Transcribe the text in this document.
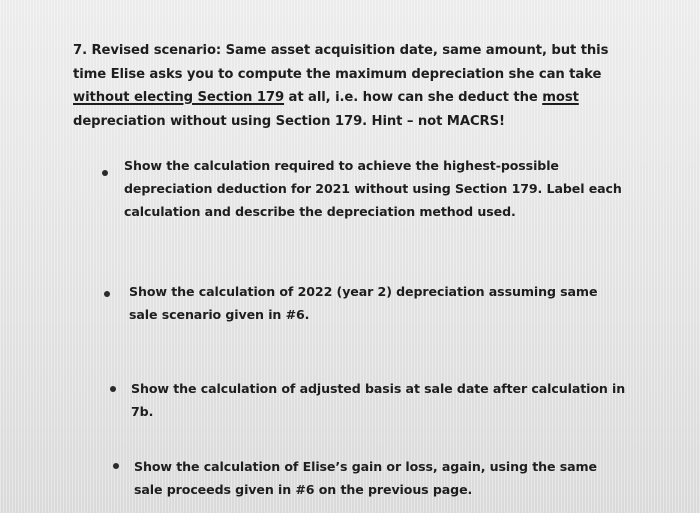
7. Revised scenario: Same asset acquisition date, same amount, but this time Elise asks you to compute the maximum depreciation she can take without electing Section 179 at all, i.e. how can she deduct the most depreciation without using Section 179. Hint – not MACRS!
Show the calculation required to achieve the highest-possible depreciation deduction for 2021 without using Section 179. Label each calculation and describe the depreciation method used.
Show the calculation of 2022 (year 2) depreciation assuming same sale scenario given in #6.
Show the calculation of adjusted basis at sale date after calculation in 7b.
Show the calculation of Elise’s gain or loss, again, using the same sale proceeds given in #6 on the previous page.
